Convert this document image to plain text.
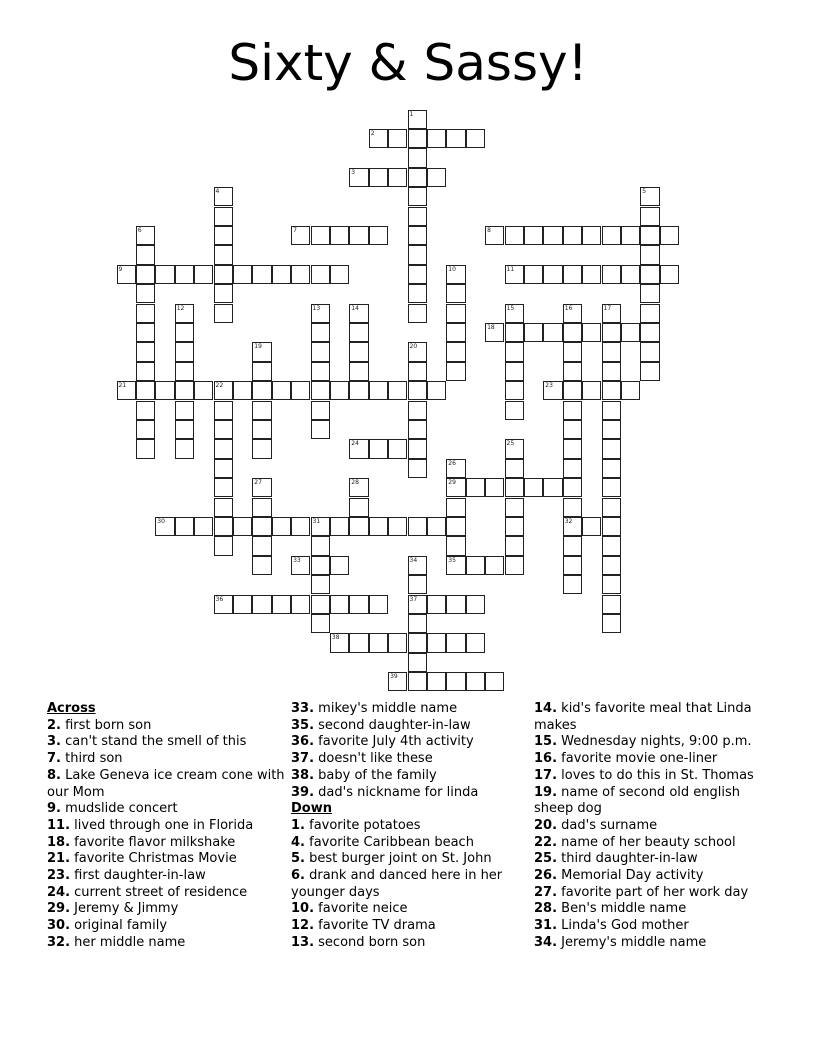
Sixty & Sassy!
2
3
7	8
9	11
18
21	22	23
24
29
30	31	32
33	35
36	37
38
39
1
4	5
6
10
12	13	14	15	16	17
19	20
25
26
27	28
34
Across
2. first born son
3. can't stand the smell of this
7. third son
8. Lake Geneva ice cream cone with our Mom
9. mudslide concert
11. lived through one in Florida
18. favorite flavor milkshake
21. favorite Christmas Movie
23. first daughter-in-law
24. current street of residence
29. Jeremy & Jimmy
30. original family
32. her middle name
33. mikey's middle name
35. second daughter-in-law
36. favorite July 4th activity
37. doesn't like these
38. baby of the family
39. dad's nickname for linda
Down
1. favorite potatoes
4. favorite Caribbean beach
5. best burger joint on St. John
6. drank and danced here in her younger days
10. favorite neice
12. favorite TV drama
13. second born son
14. kid's favorite meal that Linda makes
15. Wednesday nights, 9:00 p.m.
16. favorite movie one-liner
17. loves to do this in St. Thomas
19. name of second old english sheep dog
20. dad's surname
22. name of her beauty school
25. third daughter-in-law
26. Memorial Day activity
27. favorite part of her work day
28. Ben's middle name
31. Linda's God mother
34. Jeremy's middle name
